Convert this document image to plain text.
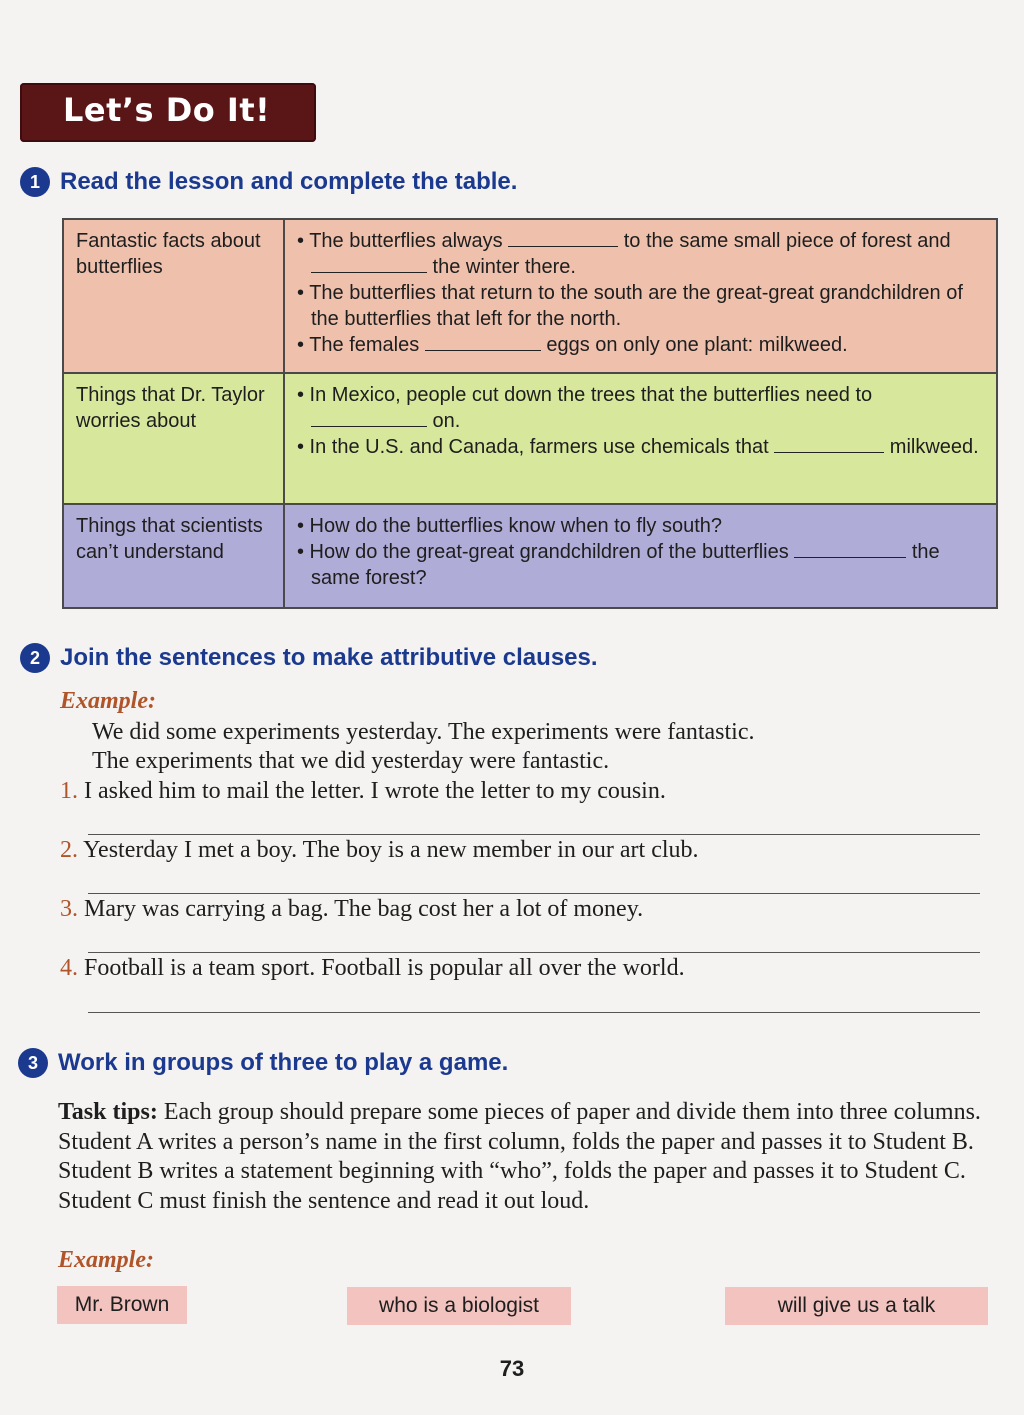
Let’s Do It!
1 Read the lesson and complete the table.
Fantastic facts about butterflies	• The butterflies always to the same small piece of forest and  the winter there.
• The butterflies that return to the south are the great-great grandchildren of the butterflies that left for the north.
• The females eggs on only one plant: milkweed.

Things that Dr. Taylor worries about	• In Mexico, people cut down the trees that the butterflies need to  on.
• In the U.S. and Canada, farmers use chemicals that milkweed.

Things that scientists can’t understand	• How do the butterflies know when to fly south?
• How do the great-great grandchildren of the butterflies the same forest?
2 Join the sentences to make attributive clauses.
Example:
We did some experiments yesterday. The experiments were fantastic.
The experiments that we did yesterday were fantastic.
1. I asked him to mail the letter. I wrote the letter to my cousin.
2. Yesterday I met a boy. The boy is a new member in our art club.
3. Mary was carrying a bag. The bag cost her a lot of money.
4. Football is a team sport. Football is popular all over the world.
3 Work in groups of three to play a game.
Task tips: Each group should prepare some pieces of paper and divide them into three columns. Student A writes a person’s name in the first column, folds the paper and passes it to Student B. Student B writes a statement beginning with “who”, folds the paper and passes it to Student C. Student C must finish the sentence and read it out loud.
Example:
Mr. Brown	who is a biologist	will give us a talk
73
